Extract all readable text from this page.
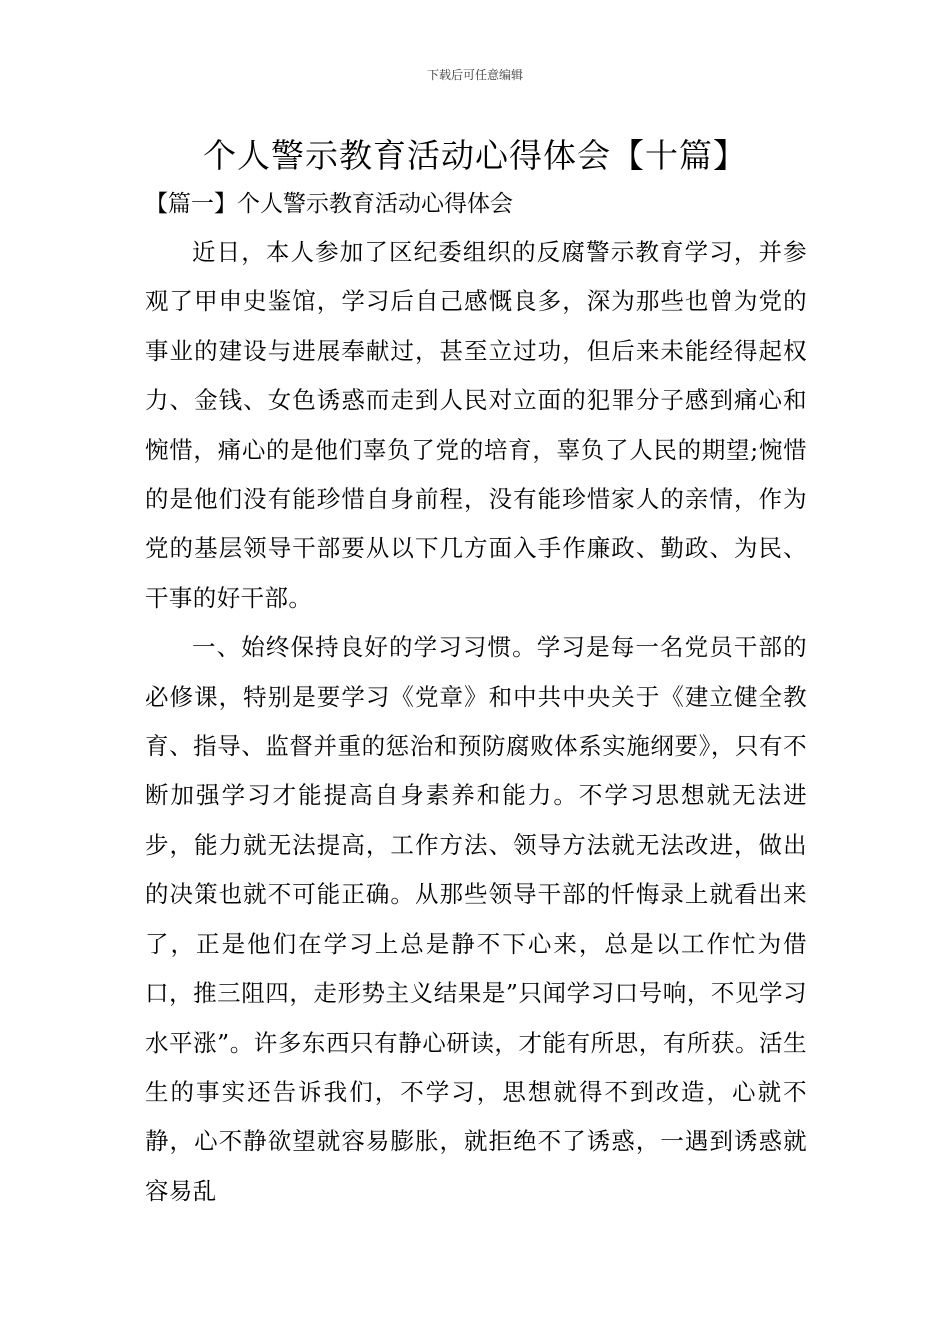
下载后可任意编辑
个人警示教育活动心得体会【十篇】
【篇一】个人警示教育活动心得体会

近日，本人参加了区纪委组织的反腐警示教育学习，并参观了甲申史鉴馆，学习后自己感慨良多，深为那些也曾为党的事业的建设与进展奉献过，甚至立过功，但后来未能经得起权力、金钱、女色诱惑而走到人民对立面的犯罪分子感到痛心和惋惜，痛心的是他们辜负了党的培育，辜负了人民的期望;惋惜的是他们没有能珍惜自身前程，没有能珍惜家人的亲情，作为党的基层领导干部要从以下几方面入手作廉政、勤政、为民、干事的好干部。

一、始终保持良好的学习习惯。学习是每一名党员干部的必修课，特别是要学习《党章》和中共中央关于《建立健全教育、指导、监督并重的惩治和预防腐败体系实施纲要》，只有不断加强学习才能提高自身素养和能力。不学习思想就无法进步，能力就无法提高，工作方法、领导方法就无法改进，做出的决策也就不可能正确。从那些领导干部的忏悔录上就看出来了，正是他们在学习上总是静不下心来，总是以工作忙为借口，推三阻四，走形势主义结果是”只闻学习口号响，不见学习水平涨”。许多东西只有静心研读，才能有所思，有所获。活生生的事实还告诉我们，不学习，思想就得不到改造，心就不静，心不静欲望就容易膨胀，就拒绝不了诱惑，一遇到诱惑就容易乱
